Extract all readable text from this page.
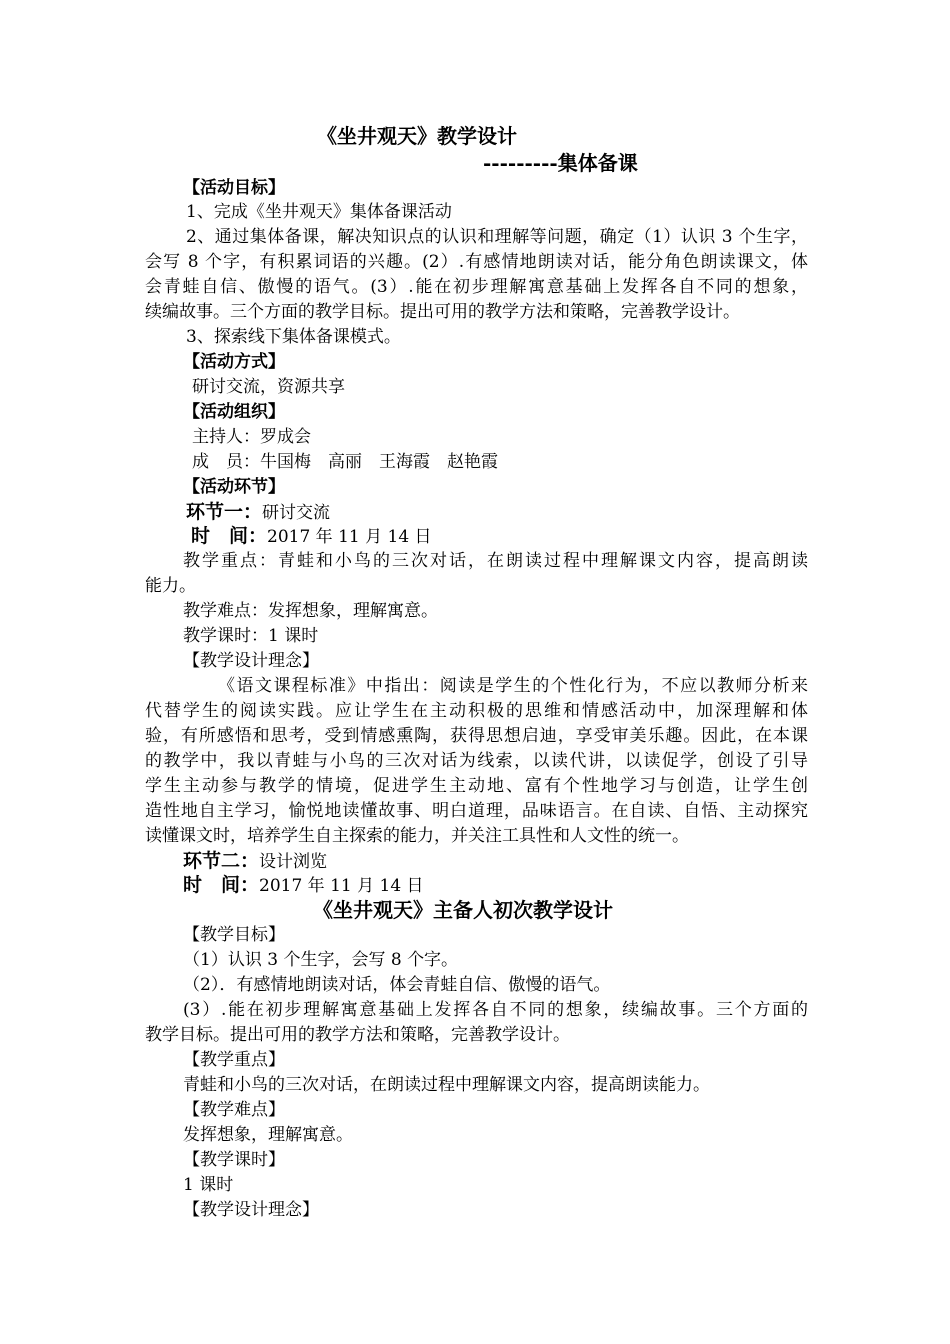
《坐井观天》教学设计
---------集体备课
【活动目标】
1、完成《坐井观天》集体备课活动
2、通过集体备课，解决知识点的认识和理解等问题，确定（1）认识 3 个生字，
会写 8 个字，有积累词语的兴趣。(2）.有感情地朗读对话，能分角色朗读课文，体
会青蛙自信、傲慢的语气。(3）.能在初步理解寓意基础上发挥各自不同的想象，
续编故事。三个方面的教学目标。提出可用的教学方法和策略，完善教学设计。
3、探索线下集体备课模式。
【活动方式】
研讨交流，资源共享
【活动组织】
主持人：罗成会
成　员：牛国梅　高丽　王海霞　赵艳霞
【活动环节】
环节一：研讨交流
时　间：2017 年 11 月 14 日
教学重点：青蛙和小鸟的三次对话，在朗读过程中理解课文内容，提高朗读
能力。
教学难点：发挥想象，理解寓意。
教学课时：1 课时
【教学设计理念】
《语文课程标准》中指出：阅读是学生的个性化行为，不应以教师分析来
代替学生的阅读实践。应让学生在主动积极的思维和情感活动中，加深理解和体
验，有所感悟和思考，受到情感熏陶，获得思想启迪，享受审美乐趣。因此，在本课
的教学中，我以青蛙与小鸟的三次对话为线索，以读代讲，以读促学，创设了引导
学生主动参与教学的情境，促进学生主动地、富有个性地学习与创造，让学生创
造性地自主学习，愉悦地读懂故事、明白道理，品味语言。在自读、自悟、主动探究
读懂课文时，培养学生自主探索的能力，并关注工具性和人文性的统一。
环节二：设计浏览
时　间：2017 年 11 月 14 日
《坐井观天》主备人初次教学设计
【教学目标】
（1）认识 3 个生字，会写 8 个字。
（2）．有感情地朗读对话，体会青蛙自信、傲慢的语气。
(3）.能在初步理解寓意基础上发挥各自不同的想象，续编故事。三个方面的
教学目标。提出可用的教学方法和策略，完善教学设计。
【教学重点】
青蛙和小鸟的三次对话，在朗读过程中理解课文内容，提高朗读能力。
【教学难点】
发挥想象，理解寓意。
【教学课时】
1 课时
【教学设计理念】
